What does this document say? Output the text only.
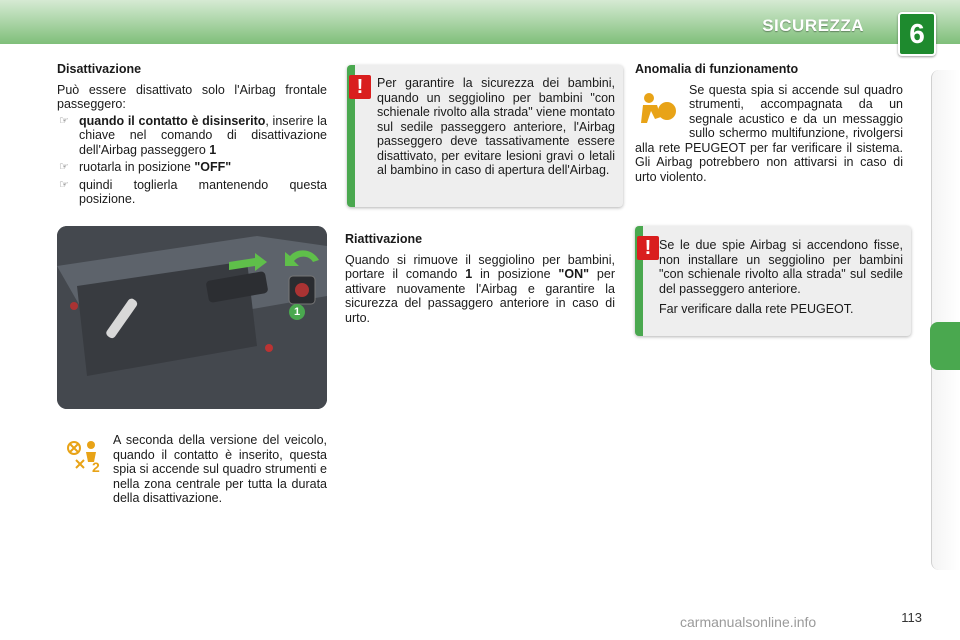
SICUREZZA	6

Disattivazione

Può essere disattivato solo l'Airbag frontale passeggero:

☞ quando il contatto è disinserito, inserire la chiave nel comando di disattivazione dell'Airbag passeggero 1
☞ ruotarla in posizione "OFF"
☞ quindi toglierla mantenendo questa posizione.
1
2

A seconda della versione del veicolo, quando il contatto è inserito, questa spia si accende sul quadro strumenti e nella zona centrale per tutta la durata della disattivazione.

!	Per garantire la sicurezza dei bambini, quando un seggiolino per bambini "con schienale rivolto alla strada" viene montato sul sedile passeggero anteriore, l'Airbag passeggero deve tassativamente essere disattivato, per evitare lesioni gravi o letali al bambino in caso di apertura dell'Airbag.

Riattivazione

Quando si rimuove il seggiolino per bambini, portare il comando 1 in posizione "ON" per attivare nuovamente l'Airbag e garantire la sicurezza del passaggero anteriore in caso di urto.

Anomalia di funzionamento

Se questa spia si accende sul quadro strumenti, accompagnata da un segnale acustico e da un messaggio sullo schermo multifunzione, rivolgersi alla rete PEUGEOT per far verificare il sistema. Gli Airbag potrebbero non attivarsi in caso di urto violento.

! Se le due spie Airbag si accendono fisse, non installare un seggiolino per bambini "con schienale rivolto alla strada" sul sedile del passeggero anteriore.

Far verificare dalla rete PEUGEOT.

113
carmanualsonline.info
